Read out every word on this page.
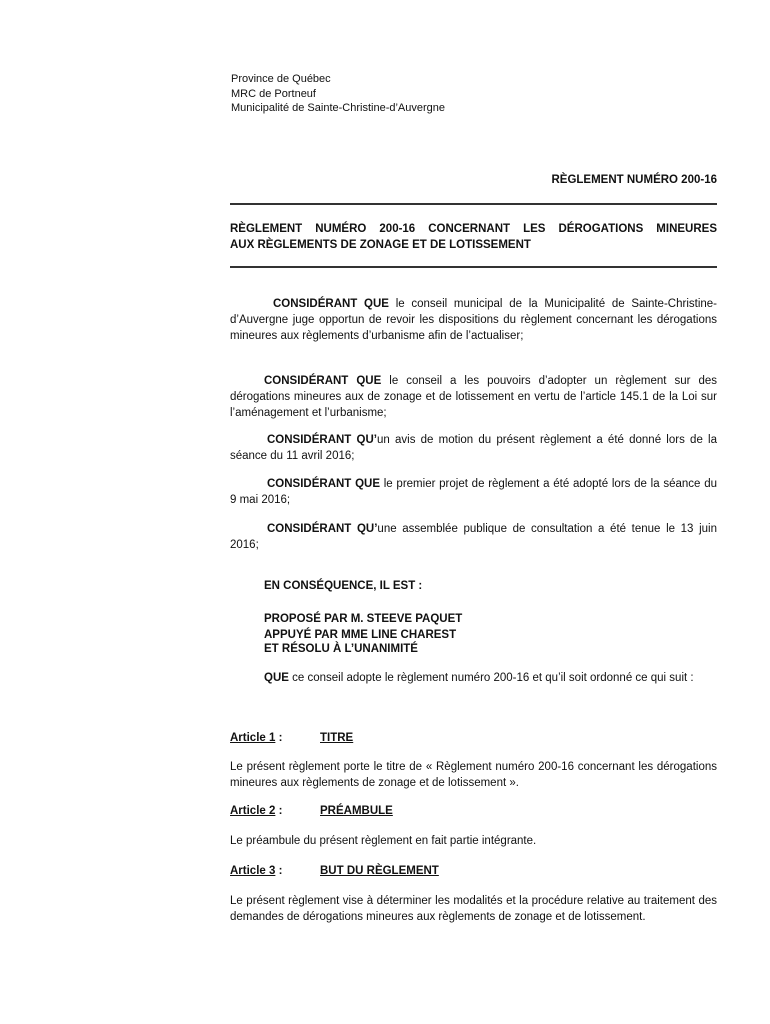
Province de Québec
MRC de Portneuf
Municipalité de Sainte-Christine-d’Auvergne
RÈGLEMENT NUMÉRO 200-16
RÈGLEMENT NUMÉRO 200-16 CONCERNANT LES DÉROGATIONS MINEURES
AUX RÈGLEMENTS DE ZONAGE ET DE LOTISSEMENT
CONSIDÉRANT QUE le conseil municipal de la Municipalité de Sainte-Christine-d’Auvergne juge opportun de revoir les dispositions du règlement concernant les dérogations mineures aux règlements d’urbanisme afin de l’actualiser;
CONSIDÉRANT QUE le conseil a les pouvoirs d’adopter un règlement sur des dérogations mineures aux de zonage et de lotissement en vertu de l’article 145.1 de la Loi sur l’aménagement et l’urbanisme;
CONSIDÉRANT QU’un avis de motion du présent règlement a été donné lors de la séance du 11 avril 2016;
CONSIDÉRANT QUE le premier projet de règlement a été adopté lors de la séance du 9 mai 2016;
CONSIDÉRANT QU’une assemblée publique de consultation a été tenue le 13 juin 2016;
EN CONSÉQUENCE, IL EST :
PROPOSÉ PAR M. STEEVE PAQUET
APPUYÉ PAR MME LINE CHAREST
ET RÉSOLU À L’UNANIMITÉ
QUE ce conseil adopte le règlement numéro 200-16 et qu’il soit ordonné ce qui suit :
Article 1 :	TITRE
Le présent règlement porte le titre de « Règlement numéro 200-16 concernant les dérogations mineures aux règlements de zonage et de lotissement ».
Article 2 :	PRÉAMBULE
Le préambule du présent règlement en fait partie intégrante.
Article 3 :	BUT DU RÈGLEMENT
Le présent règlement vise à déterminer les modalités et la procédure relative au traitement des demandes de dérogations mineures aux règlements de zonage et de lotissement.
